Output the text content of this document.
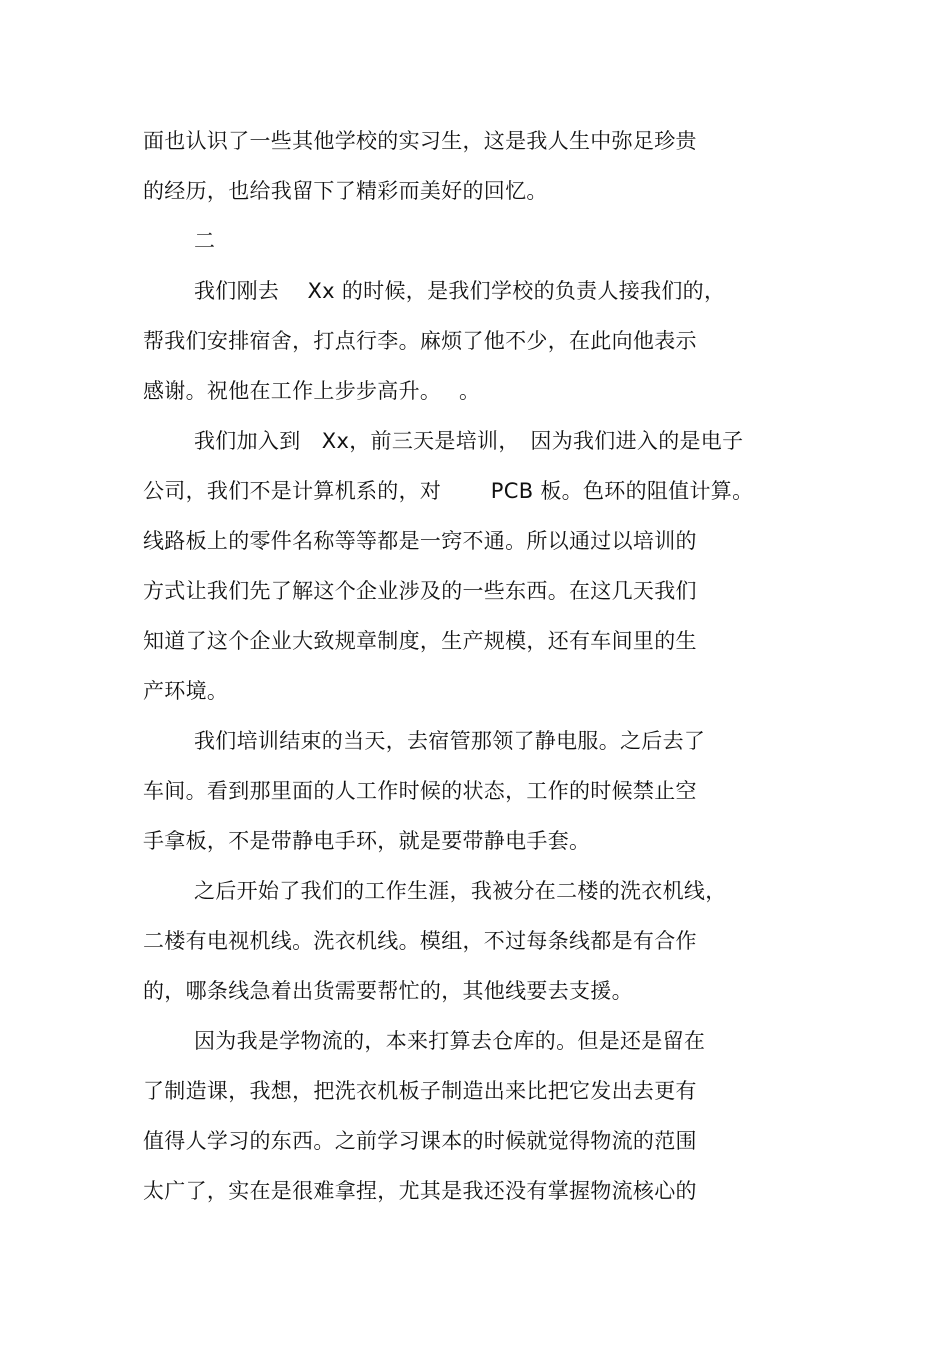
面也认识了一些其他学校的实习生，这是我人生中弥足珍贵
的经历，也给我留下了精彩而美好的回忆。
二
我们刚去　 Xx 的时候，是我们学校的负责人接我们的，
帮我们安排宿舍，打点行李。麻烦了他不少，在此向他表示
感谢。祝他在工作上步步高升。　 。
我们加入到　Xx，前三天是培训，　因为我们进入的是电子
公司，我们不是计算机系的，对　　 PCB 板。色环的阻值计算。
线路板上的零件名称等等都是一窍不通。所以通过以培训的
方式让我们先了解这个企业涉及的一些东西。在这几天我们
知道了这个企业大致规章制度，生产规模，还有车间里的生
产环境。
我们培训结束的当天，去宿管那领了静电服。之后去了
车间。看到那里面的人工作时候的状态，工作的时候禁止空
手拿板，不是带静电手环，就是要带静电手套。
之后开始了我们的工作生涯，我被分在二楼的洗衣机线，
二楼有电视机线。洗衣机线。模组，不过每条线都是有合作
的，哪条线急着出货需要帮忙的，其他线要去支援。
因为我是学物流的，本来打算去仓库的。但是还是留在
了制造课，我想，把洗衣机板子制造出来比把它发出去更有
值得人学习的东西。之前学习课本的时候就觉得物流的范围
太广了，实在是很难拿捏，尤其是我还没有掌握物流核心的
